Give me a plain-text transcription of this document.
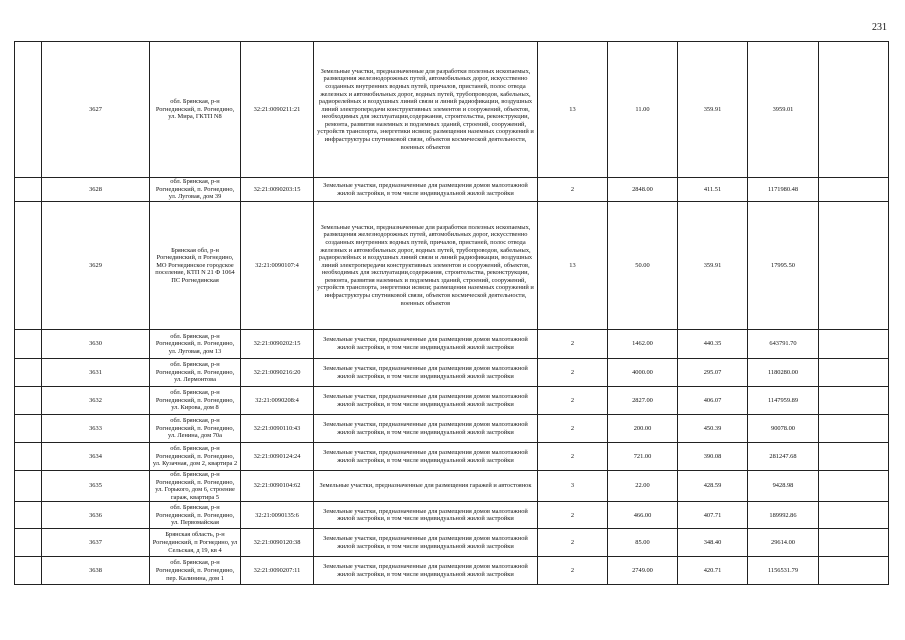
231
	3627	обл. Брянская, р-н Рогнединский, п. Рогнедино, ул. Мира, ГКТП N8	32:21:0090211:21	Земельные участки, предназначенные для разработки полезных ископаемых, размещения железнодорожных путей, автомобильных дорог, искусственно созданных внутренних водных путей, причалов, пристаней, полос отвода железных и автомобильных дорог, водных путей, трубопроводов, кабельных, радиорелейных и воздушных линий связи и линий радиофикации, воздушных линий электропередачи конструктивных элементов и сооружений, объектов, необходимых для эксплуатации,содержания, строительства, реконструкции, ремонта, развития наземных и подземных зданий, строений, сооружений, устройств транспорта, энергетики исвязи; размещения наземных сооружений и инфраструктуры спутниковой связи, объектов космической деятельности, военных объектов	13	11.00	359.91	3959.01	
	3628	обл. Брянская, р-н Рогнединский, п. Рогнедино, ул. Луговая, дом 39	32:21:0090203:15	Земельные участки, предназначенные для размещения домов малоэтажной жилой застройки, в том числе индивидуальной жилой застройки	2	2848.00	411.51	1171980.48	
	3629	Брянская обл, р-н Рогнединский, п Рогнедино, МО Рогнединское городское поселение, КТП N 21 Ф 1064 ПС Рогнединская	32:21:0090107:4	Земельные участки, предназначенные для разработки полезных ископаемых, размещения железнодорожных путей, автомобильных дорог, искусственно созданных внутренних водных путей, причалов, пристаней, полос отвода железных и автомобильных дорог, водных путей, трубопроводов, кабельных, радиорелейных и воздушных линий связи и линий радиофикации, воздушных линий электропередачи конструктивных элементов и сооружений, объектов, необходимых для эксплуатации,содержания, строительства, реконструкции, ремонта, развития наземных и подземных зданий, строений, сооружений, устройств транспорта, энергетики исвязи; размещения наземных сооружений и инфраструктуры спутниковой связи, объектов космической деятельности, военных объектов	13	50.00	359.91	17995.50	
	3630	обл. Брянская, р-н Рогнединский, п. Рогнедино, ул. Луговая, дом 13	32:21:0090202:15	Земельные участки, предназначенные для размещения домов малоэтажной жилой застройки, в том числе индивидуальной жилой застройки	2	1462.00	440.35	643791.70	
	3631	обл. Брянская, р-н Рогнединский, п. Рогнедино, ул. Лермонтова	32:21:0090216:20	Земельные участки, предназначенные для размещения домов малоэтажной жилой застройки, в том числе индивидуальной жилой застройки	2	4000.00	295.07	1180280.00	
	3632	обл. Брянская, р-н Рогнединский, п. Рогнедино, ул. Кирова, дом 8	32:21:0090208:4	Земельные участки, предназначенные для размещения домов малоэтажной жилой застройки, в том числе индивидуальной жилой застройки	2	2827.00	406.07	1147959.89	
	3633	обл. Брянская, р-н Рогнединский, п. Рогнедино, ул. Ленина, дом 70а	32:21:0090110:43	Земельные участки, предназначенные для размещения домов малоэтажной жилой застройки, в том числе индивидуальной жилой застройки	2	200.00	450.39	90078.00	
	3634	обл. Брянская, р-н Рогнединский, п. Рогнедино, ул. Кузачная, дом 2, квартира 2	32:21:0090124:24	Земельные участки, предназначенные для размещения домов малоэтажной жилой застройки, в том числе индивидуальной жилой застройки	2	721.00	390.08	281247.68	
	3635	обл. Брянская, р-н Рогнединский, п. Рогнедино, ул. Горького, дом 6, строение гараж, квартира 5	32:21:0090104:62	Земельные участки, предназначенные для размещения гаражей и автостоянок	3	22.00	428.59	9428.98	
	3636	обл. Брянская, р-н Рогнединский, п. Рогнедино, ул. Первомайская	32:21:0090135:6	Земельные участки, предназначенные для размещения домов малоэтажной жилой застройки, в том числе индивидуальной жилой застройки	2	466.00	407.71	189992.86	
	3637	Брянская область, р-н Рогнединский, п Рогнедино, ул Сельская, д 19, кв 4	32:21:0090120:38	Земельные участки, предназначенные для размещения домов малоэтажной жилой застройки, в том числе индивидуальной жилой застройки	2	85.00	348.40	29614.00	
	3638	обл. Брянская, р-н Рогнединский, п. Рогнедино, пер. Калинина, дом 1	32:21:0090207:11	Земельные участки, предназначенные для размещения домов малоэтажной жилой застройки, в том числе индивидуальной жилой застройки	2	2749.00	420.71	1156531.79	
